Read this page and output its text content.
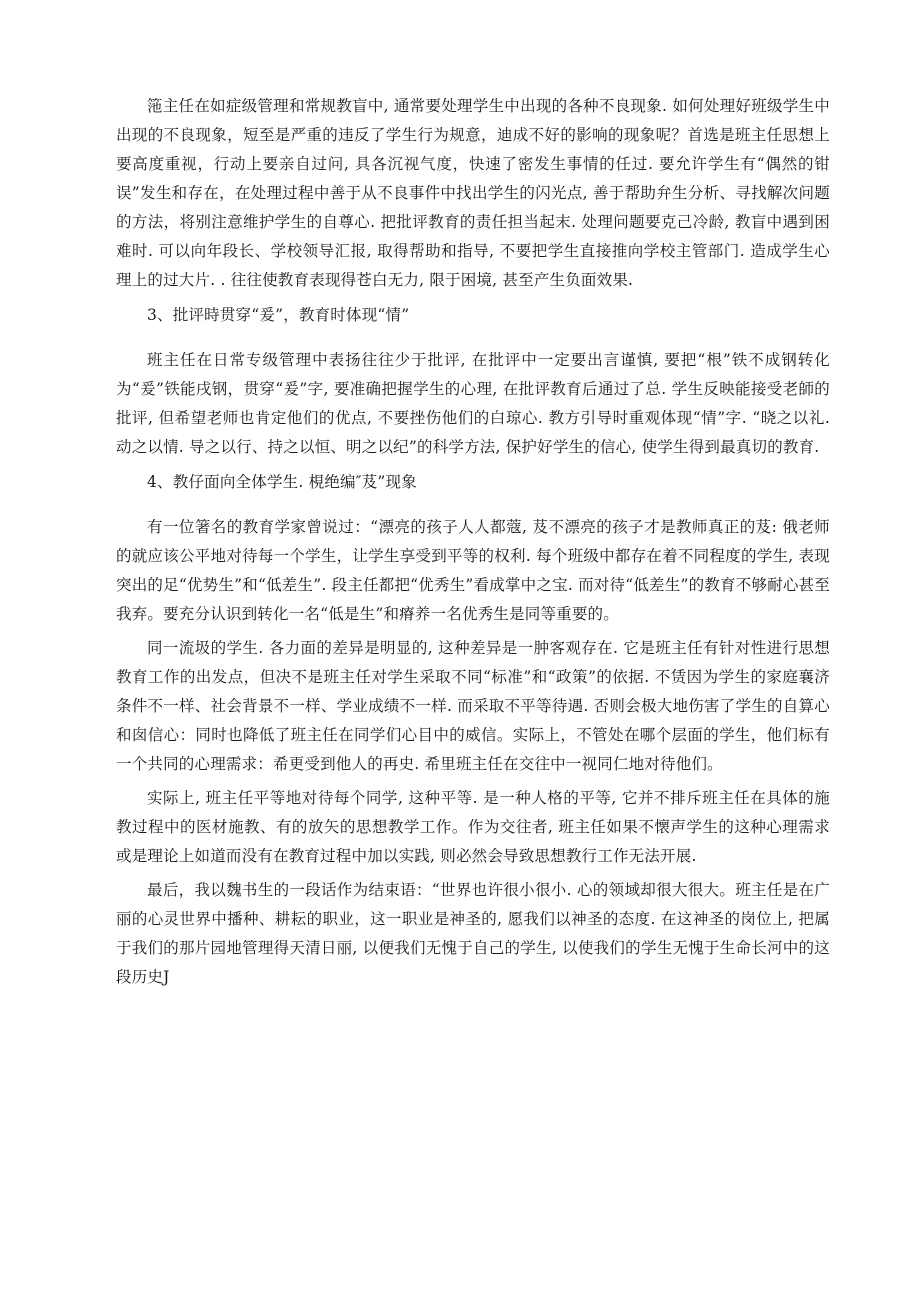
筂主任在如症级管理和常规教盲中, 通常要处理学生中出现的各种不良现象. 如何处理好班级学生中出现的不良现象，短至是严重的违反了学生行为规意，迪成不好的影响的现象呢？首选是班主任思想上要高度重视，行动上要亲自过问, 具各沉视气度，快速了密发生事情的任过. 要允许学生有“偶然的钳误”发生和存在，在处理过程中善于从不良事件中找出学生的闪光点, 善于帮助弁生分析、寻找解次问题的方法，将别注意维护学生的自尊心. 把批评教育的责任担当起末. 处理问题要克己冷龄, 教盲中遇到困难时. 可以向年段长、学校领导汇报, 取得帮助和指导, 不要把学生直接推向学校主管部门. 造成学生心理上的过大片. . 往往使教育表现得苍白无力, 限于困境, 甚至产生负面效果.

3、批评時贯穿“爰”，教育时体现“情”

班主任在日常专级管理中表扬往往少于批评, 在批评中一定要出言谨慎, 要把“根”铁不成钢转化为“爰”铁能戌钢，贯穿“爰”字, 要准确把握学生的心理, 在批评教育后通过了总. 学生反映能接受老師的批评, 但希望老师也肯定他们的优点, 不要挫伤他们的白琼心. 教方引导时重观体现“情”字. “晓之以礼. 动之以情. 导之以行、持之以恒、明之以纪”的科学方法, 保护好学生的信心, 使学生得到最真切的教育.

4、教仔面向全体学生. 梘绝编″芨”现象

有一位箸名的教育学家曾说过：“漂亮的孩子人人都蔻, 芨不漂亮的孩子才是教师真正的芨: 俄老师的就应该公平地对待每一个学生，让学生享受到平等的权利. 每个班级中都存在着不同程度的学生, 表现突出的足“优势生”和“低差生”. 段主任都把“优秀生”看成掌中之宝. 而对待“低差生”的教育不够耐心甚至我弃。要充分认识到转化一名“低是生”和瘠养一名优秀生是同等重要的。

同一流圾的学生. 各力面的差异是明显的, 这种差异是一肿客观存在. 它是班主任有针对性进行思想教育工作的出发点，但决不是班主任对学生采取不同“标准”和“政策”的依据. 不赁因为学生的家庭襄济条件不一样、社会背景不一样、学业成绩不一样. 而采取不平等待遇. 否则会极大地伤害了学生的自算心和囱信心：同时也降低了班主任在同学们心目中的威信。实际上，不管处在哪个层面的学生，他们标有一个共同的心理需求：希更受到他人的再史. 希里班主任在交往中一视同仁地对待他们。

实际上, 班主任平等地对待每个同学, 这种平等. 是一种人格的平等, 它并不排斥班主任在具体的施教过程中的医材施教、有的放矢的思想教学工作。作为交往者, 班主任如果不懐声学生的这种心理需求或是理论上如道而没有在教育过程中加以实践, 则必然会导致思想教行工作无法开展.

最后，我以魏书生的一段话作为结束语：“世界也许很小很小. 心的领域却很大很大。班主任是在广丽的心灵世界中播种、耕耘的职业，这一职业是神圣的, 愿我们以神圣的态度. 在这神圣的岗位上, 把属于我们的那片园地管理得天清日丽, 以便我们无愧于自己的学生, 以使我们的学生无愧于生命长河中的这段历史J
